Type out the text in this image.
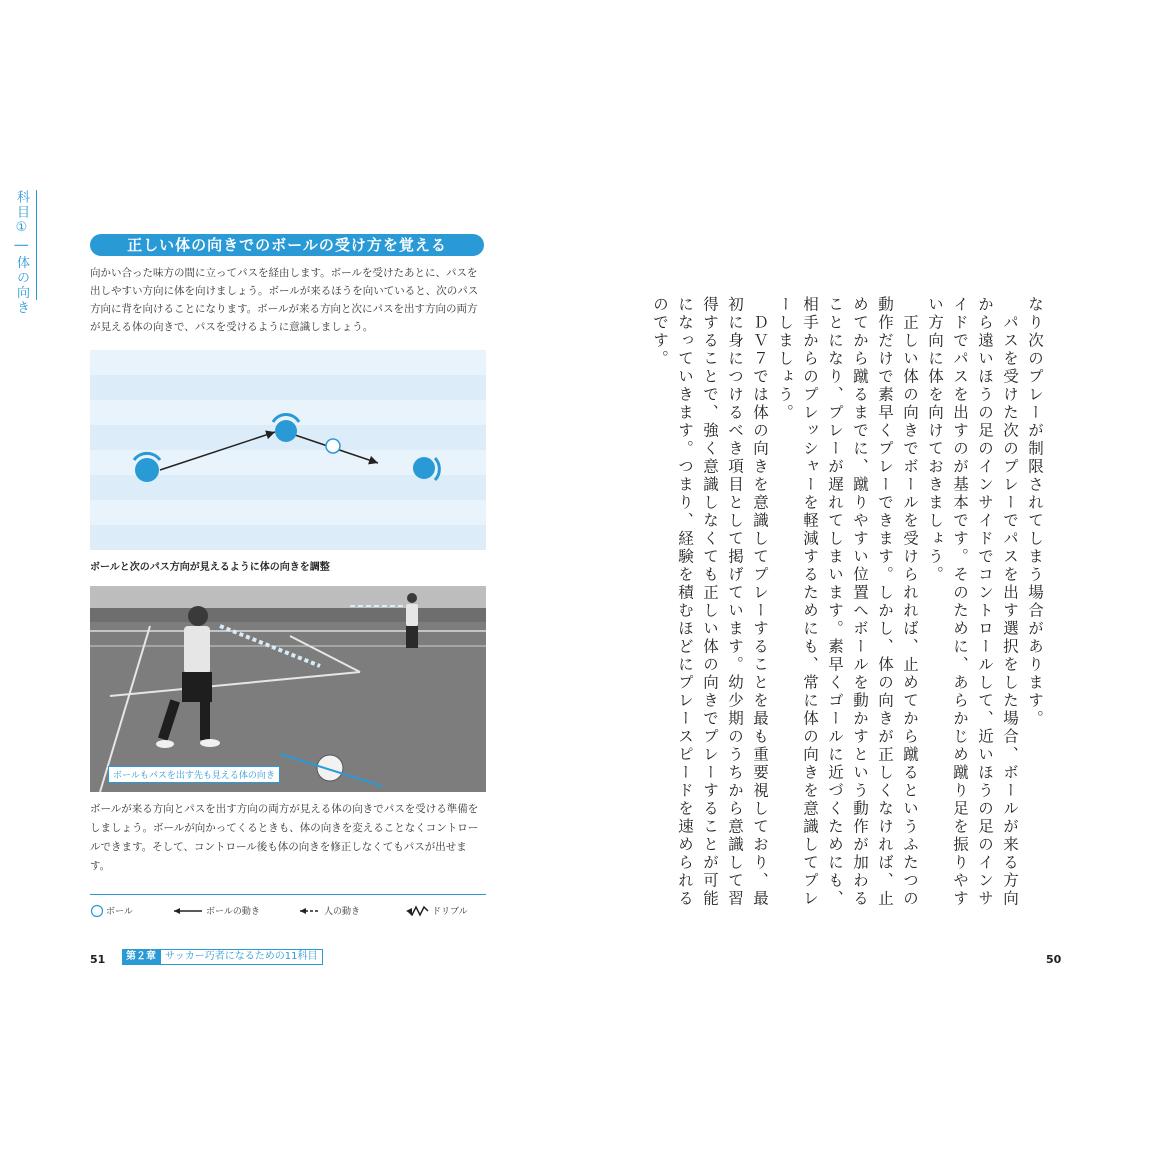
科目① | 体の向き	正しい体の向きでのボールの受け方を覚える
向かい合った味方の間に立ってパスを経由します。ボールを受けたあとに、パスを出しやすい方向に体を向けましょう。ボールが来るほうを向いていると、次のパス方向に背を向けることになります。ボールが来る方向と次にパスを出す方向の両方が見える体の向きで、パスを受けるように意識しましょう。
ボールと次のパス方向が見えるように体の向きを調整
ボールもパスを出す先も見える体の向き
ボールが来る方向とパスを出す方向の両方が見える体の向きでパスを受ける準備をしましょう。ボールが向かってくるときも、体の向きを変えることなくコントロールできます。そして、コントロール後も体の向きを修正しなくてもパスが出せます。
ボール	ボールの動き	人の動き	ドリブル
51	第２章 サッカー巧者になるための11科目

なり次のプレーが制限されてしまう場合があります。

　パスを受けた次のプレーでパスを出す選択をした場合、ボールが来る方向から遠いほうの足のインサイドでコントロールして、近いほうの足のインサイドでパスを出すのが基本です。そのために、あらかじめ蹴り足を振りやすい方向に体を向けておきましょう。

　正しい体の向きでボールを受けられれば、止めてから蹴るというふたつの動作だけで素早くプレーできます。しかし、体の向きが正しくなければ、止めてから蹴るまでに、蹴りやすい位置へボールを動かすという動作が加わることになり、プレーが遅れてしまいます。素早くゴールに近づくためにも、相手からのプレッシャーを軽減するためにも、常に体の向きを意識してプレーしましょう。

　ＤＶ７では体の向きを意識してプレーすることを最も重要視しており、最初に身につけるべき項目として掲げています。幼少期のうちから意識して習得することで、強く意識しなくても正しい体の向きでプレーすることが可能になっていきます。つまり、経験を積むほどにプレースピードを速められるのです。

50
